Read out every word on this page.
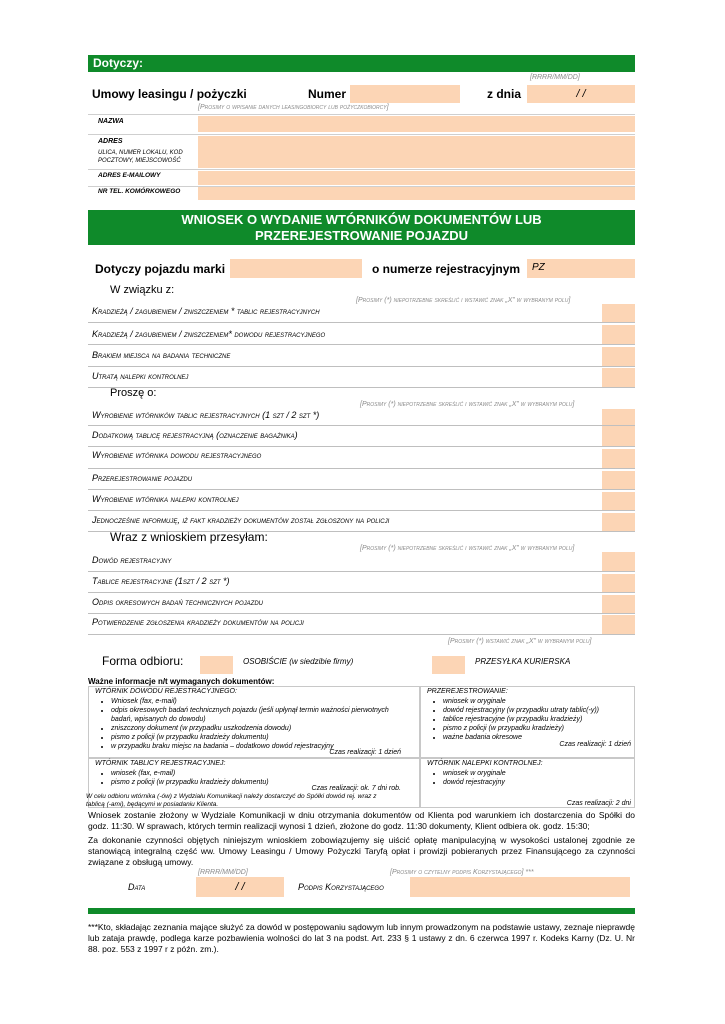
Dotyczy:
[RRRR/MM/DD]
Umowy leasingu / pożyczki	Numer	z dnia	/ /
[Prosimy o wpisanie danych leasingobiorcy lub pożyczkobiorcy]
NAZWA
ADRES
ULICA, NUMER LOKALU, KOD POCZTOWY, MIEJSCOWOŚĆ
ADRES E-MAILOWY
NR TEL. KOMÓRKOWEGO
WNIOSEK O WYDANIE WTÓRNIKÓW DOKUMENTÓW LUB
PRZEREJESTROWANIE POJAZDU
Dotyczy pojazdu marki	o numerze rejestracyjnym	PZ
W związku z:
[Prosimy (*) niepotrzebne skreślić i wstawić znak „X” w wybranym polu]
Kradzieżą / zagubieniem / zniszczeniem * tablic rejestracyjnych
Kradzieżą / zagubieniem / zniszczeniem* dowodu rejestracyjnego
Brakiem miejsca na badania techniczne
Utratą nalepki kontrolnej
Proszę o:
[Prosimy (*) niepotrzebne skreślić i wstawić znak „X” w wybranym polu]
Wyrobienie wtórników tablic rejestracyjnych (1 szt / 2 szt *)
Dodatkową tablicę rejestracyjną (oznaczenie bagażnika)
Wyrobienie wtórnika dowodu rejestracyjnego
Przerejestrowanie pojazdu
Wyrobienie wtórnika nalepki kontrolnej
Jednocześnie informuję, iż fakt kradzieży dokumentów został zgłoszony na policji
Wraz z wnioskiem przesyłam:
[Prosimy (*) niepotrzebne skreślić i wstawić znak „X” w wybranym polu]
Dowód rejestracyjny
Tablice rejestracyjne (1szt / 2 szt *)
Odpis okresowych badań technicznych pojazdu
Potwierdzenie zgłoszenia kradzieży dokumentów na policji
[Prosimy (*) wstawić znak „X” w wybranym polu]
Forma odbioru:	OSOBIŚCIE (w siedzibie firmy)	PRZESYŁKA KURIERSKA
Ważne informacje n/t wymaganych dokumentów:
WTÓRNIK DOWODU REJESTRACYJNEGO:
• Wniosek (fax, e-mail)
• odpis okresowych badań technicznych pojazdu (jeśli upłynął termin ważności pierwotnych badań, wpisanych do dowodu)
• zniszczony dokument (w przypadku uszkodzenia dowodu)
• pismo z policji (w przypadku kradzieży dokumentu)
• w przypadku braku miejsc na badania – dodatkowo dowód rejestracyjny
Czas realizacji: 1 dzień
PRZEREJESTROWANIE:
• wniosek w oryginale
• dowód rejestracyjny (w przypadku utraty tablic(-y))
• tablice rejestracyjne (w przypadku kradzieży)
• pismo z policji (w przypadku kradzieży)
• ważne badania okresowe
Czas realizacji: 1 dzień
WTÓRNIK TABLICY REJESTRACYJNEJ:
• wniosek (fax, e-mail)
• pismo z policji (w przypadku kradzieży dokumentu)
Czas realizacji: ok. 7 dni rob.
W celu odbioru wtórnika (-ów) z Wydziału Komunikacji należy dostarczyć do Spółki dowód rej. wraz z tablicą (-ami), będącymi w posiadaniu Klienta.
WTÓRNIK NALEPKI KONTROLNEJ:
• wniosek w oryginale
• dowód rejestracyjny
Czas realizacji: 2 dni
Wniosek zostanie złożony w Wydziale Komunikacji w dniu otrzymania dokumentów od Klienta pod warunkiem ich dostarczenia do Spółki do godz. 11:30. W sprawach, których termin realizacji wynosi 1 dzień, złożone do godz. 11:30 dokumenty, Klient odbiera ok. godz. 15:30;
Za dokonanie czynności objętych niniejszym wnioskiem zobowiązujemy się uiścić opłatę manipulacyjną w wysokości ustalonej zgodnie ze stanowiącą integralną część ww. Umowy Leasingu / Umowy Pożyczki Taryfą opłat i prowizji pobieranych przez Finansującego za czynności związane z obsługą umowy.
[RRRR/MM/DD]	[Prosimy o czytelny podpis Korzystającego] ***
Data	/ /	Podpis Korzystającego
***Kto, składając zeznania mające służyć za dowód w postępowaniu sądowym lub innym prowadzonym na podstawie ustawy, zeznaje nieprawdę lub zataja prawdę, podlega karze pozbawienia wolności do lat 3 na podst. Art. 233 § 1 ustawy z dn. 6 czerwca 1997 r. Kodeks Karny (Dz. U. Nr 88. poz. 553 z 1997 r z późn. zm.).
